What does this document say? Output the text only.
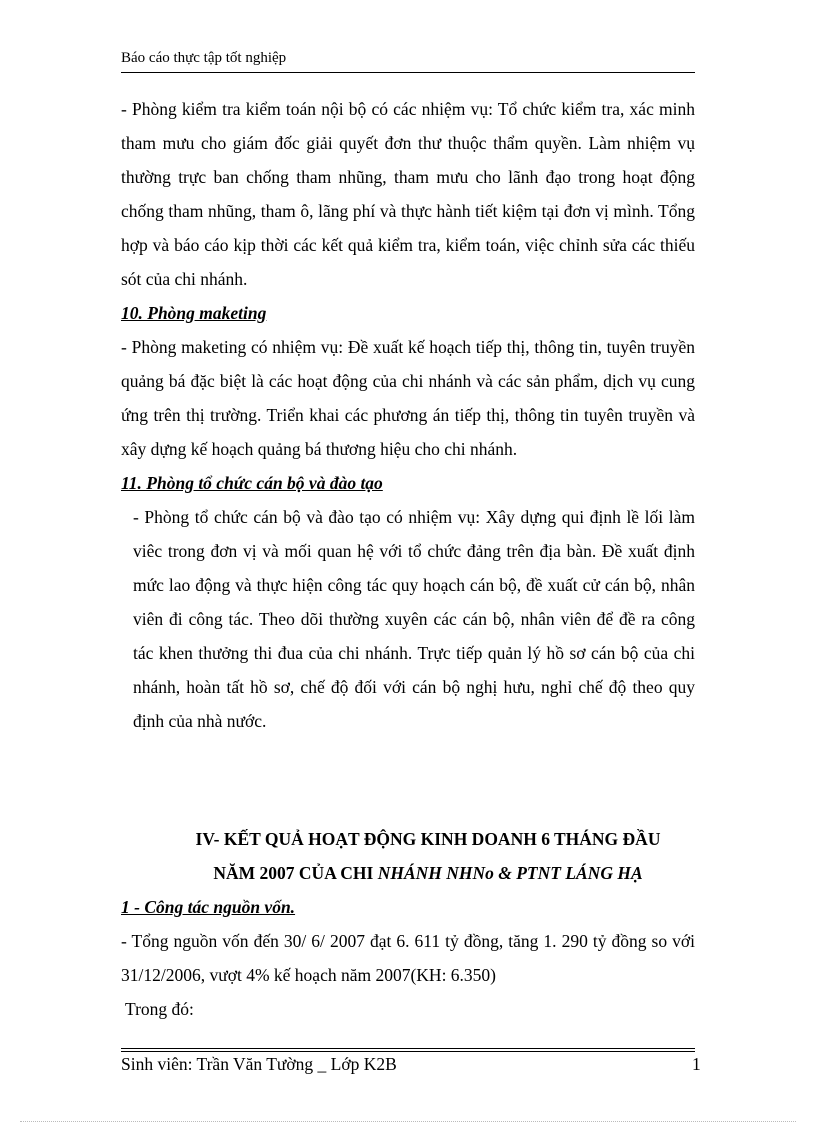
Báo cáo thực tập tốt nghiệp

- Phòng kiểm tra kiểm toán nội bộ có các nhiệm vụ: Tổ chức kiểm tra, xác minh tham mưu cho giám đốc giải quyết đơn thư thuộc thẩm quyền. Làm nhiệm vụ thường trực ban chống tham nhũng, tham mưu cho lãnh đạo trong hoạt động chống tham nhũng, tham ô, lãng phí và thực hành tiết kiệm tại đơn vị mình. Tổng hợp và báo cáo kịp thời các kết quả kiểm tra, kiểm toán, việc chỉnh sửa các thiếu sót của chi nhánh.

10. Phòng maketing

- Phòng maketing có nhiệm vụ: Đề xuất kế hoạch tiếp thị, thông tin, tuyên truyền quảng bá đặc biệt là các hoạt động của chi nhánh và các sản phẩm, dịch vụ cung ứng trên thị trường. Triển khai các phương án tiếp thị, thông tin tuyên truyền và xây dựng kế hoạch quảng bá thương hiệu cho chi nhánh.

11. Phòng tổ chức cán bộ và đào tạo

- Phòng tổ chức cán bộ và đào tạo có nhiệm vụ: Xây dựng qui định lề lối làm viêc trong đơn vị và mối quan hệ với tổ chức đảng trên địa bàn. Đề xuất định mức lao động và thực hiện công tác quy hoạch cán bộ, đề xuất cử cán bộ, nhân viên đi công tác. Theo dõi thường xuyên các cán bộ, nhân viên để đề ra công tác khen thưởng thi đua của chi nhánh. Trực tiếp quản lý hồ sơ cán bộ của chi nhánh, hoàn tất hồ sơ, chế độ đối với cán bộ nghị hưu, nghỉ chế độ theo quy định của nhà nước.

IV- KẾT QUẢ HOẠT ĐỘNG KINH DOANH 6 THÁNG ĐẦU

NĂM 2007 CỦA CHI NHÁNH NHNo & PTNT LÁNG HẠ

1 - Công tác nguồn vốn.

- Tổng nguồn vốn đến 30/ 6/ 2007 đạt 6. 611 tỷ đồng, tăng 1. 290 tỷ đồng so với 31/12/2006, vượt 4% kế hoạch năm 2007(KH: 6.350)

Trong đó:

Sinh viên: Trần Văn Tường _ Lớp K2B	1
